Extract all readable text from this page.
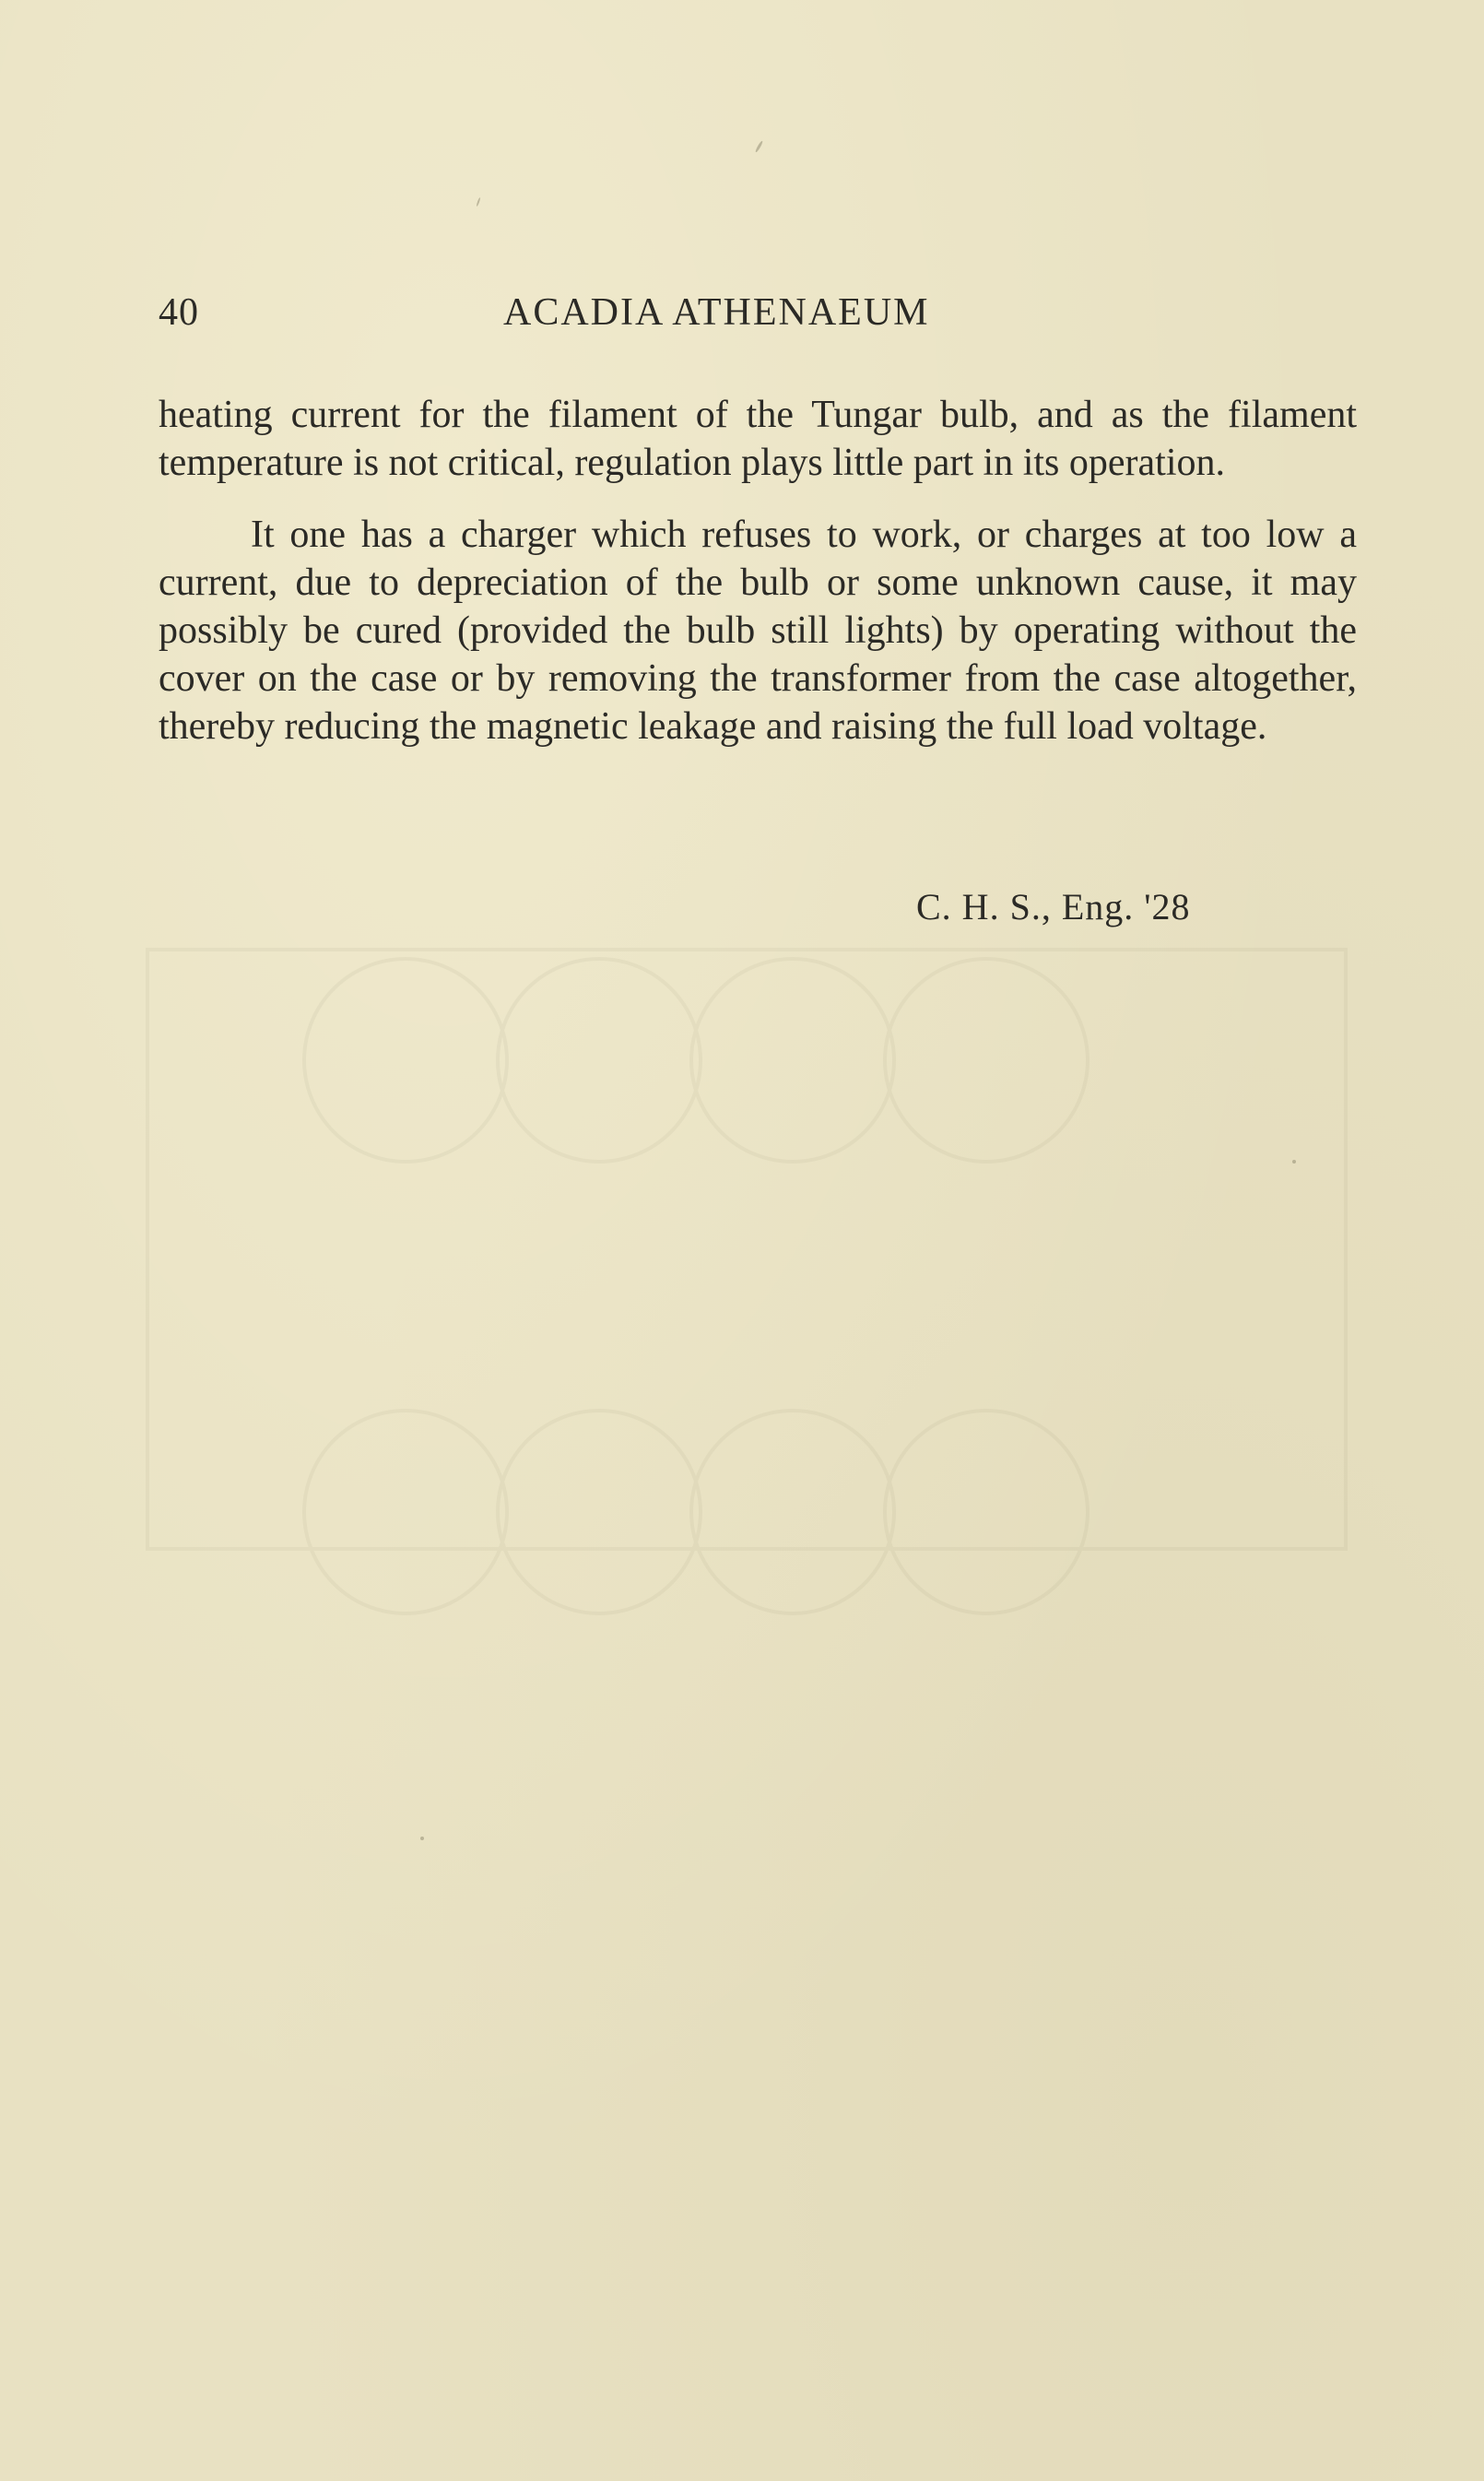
40	ACADIA ATHENAEUM

heating current for the filament of the Tungar bulb, and as the filament temperature is not critical, regulation plays little part in its operation.

It one has a charger which refuses to work, or charges at too low a current, due to depreciation of the bulb or some unknown cause, it may possibly be cured (provided the bulb still lights) by operating without the cover on the case or by removing the transformer from the case altogether, thereby reducing the magnetic leakage and raising the full load voltage.

C. H. S., Eng. '28
